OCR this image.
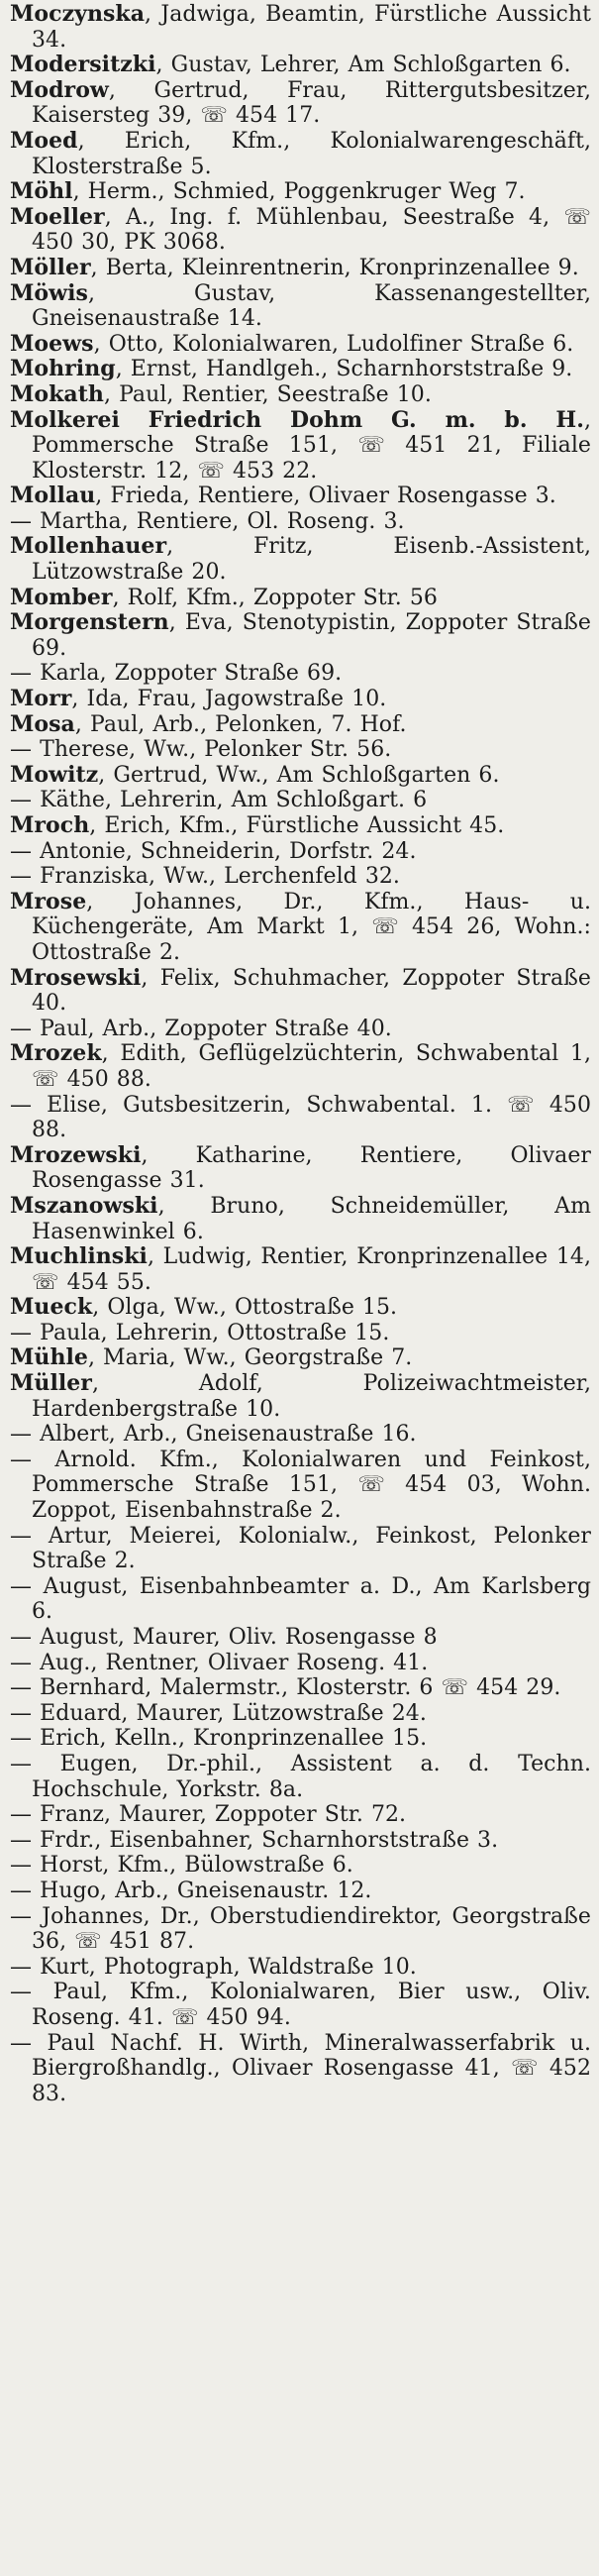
Moczynska, Jadwiga, Beamtin, Fürstliche Aussicht 34.
Modersitzki, Gustav, Lehrer, Am Schloßgarten 6.
Modrow, Gertrud, Frau, Rittergutsbesitzer, Kaisersteg 39, ☏ 454 17.
Moed, Erich, Kfm., Kolonialwarengeschäft, Klosterstraße 5.
Möhl, Herm., Schmied, Poggenkruger Weg 7.
Moeller, A., Ing. f. Mühlenbau, Seestraße 4, ☏ 450 30, PK 3068.
Möller, Berta, Kleinrentnerin, Kronprinzenallee 9.
Möwis, Gustav, Kassenangestellter, Gneisenaustraße 14.
Moews, Otto, Kolonialwaren, Ludolfiner Straße 6.
Mohring, Ernst, Handlgeh., Scharnhorststraße 9.
Mokath, Paul, Rentier, Seestraße 10.
Molkerei Friedrich Dohm G. m. b. H., Pommersche Straße 151, ☏ 451 21, Filiale Klosterstr. 12, ☏ 453 22.
Mollau, Frieda, Rentiere, Olivaer Rosengasse 3.
— Martha, Rentiere, Ol. Roseng. 3.
Mollenhauer, Fritz, Eisenb.-Assistent, Lützowstraße 20.
Momber, Rolf, Kfm., Zoppoter Str. 56
Morgenstern, Eva, Stenotypistin, Zoppoter Straße 69.
— Karla, Zoppoter Straße 69.
Morr, Ida, Frau, Jagowstraße 10.
Mosa, Paul, Arb., Pelonken, 7. Hof.
— Therese, Ww., Pelonker Str. 56.
Mowitz, Gertrud, Ww., Am Schloßgarten 6.
— Käthe, Lehrerin, Am Schloßgart. 6
Mroch, Erich, Kfm., Fürstliche Aussicht 45.
— Antonie, Schneiderin, Dorfstr. 24.
— Franziska, Ww., Lerchenfeld 32.
Mrose, Johannes, Dr., Kfm., Haus- u. Küchengeräte, Am Markt 1, ☏ 454 26, Wohn.: Ottostraße 2.
Mrosewski, Felix, Schuhmacher, Zoppoter Straße 40.
— Paul, Arb., Zoppoter Straße 40.
Mrozek, Edith, Geflügelzüchterin, Schwabental 1, ☏ 450 88.
— Elise, Gutsbesitzerin, Schwabental. 1. ☏ 450 88.
Mrozewski, Katharine, Rentiere, Olivaer Rosengasse 31.
Mszanowski, Bruno, Schneidemüller, Am Hasenwinkel 6.
Muchlinski, Ludwig, Rentier, Kronprinzenallee 14, ☏ 454 55.
Mueck, Olga, Ww., Ottostraße 15.
— Paula, Lehrerin, Ottostraße 15.
Mühle, Maria, Ww., Georgstraße 7.
Müller, Adolf, Polizeiwachtmeister, Hardenbergstraße 10.
— Albert, Arb., Gneisenaustraße 16.
— Arnold. Kfm., Kolonialwaren und Feinkost, Pommersche Straße 151, ☏ 454 03, Wohn. Zoppot, Eisenbahnstraße 2.
— Artur, Meierei, Kolonialw., Feinkost, Pelonker Straße 2.
— August, Eisenbahnbeamter a. D., Am Karlsberg 6.
— August, Maurer, Oliv. Rosengasse 8
— Aug., Rentner, Olivaer Roseng. 41.
— Bernhard, Malermstr., Klosterstr. 6 ☏ 454 29.
— Eduard, Maurer, Lützowstraße 24.
— Erich, Kelln., Kronprinzenallee 15.
— Eugen, Dr.-phil., Assistent a. d. Techn. Hochschule, Yorkstr. 8a.
— Franz, Maurer, Zoppoter Str. 72.
— Frdr., Eisenbahner, Scharnhorststraße 3.
— Horst, Kfm., Bülowstraße 6.
— Hugo, Arb., Gneisenaustr. 12.
— Johannes, Dr., Oberstudiendirektor, Georgstraße 36, ☏ 451 87.
— Kurt, Photograph, Waldstraße 10.
— Paul, Kfm., Kolonialwaren, Bier usw., Oliv. Roseng. 41. ☏ 450 94.
— Paul Nachf. H. Wirth, Mineralwasserfabrik u. Biergroßhandlg., Olivaer Rosengasse 41, ☏ 452 83.
